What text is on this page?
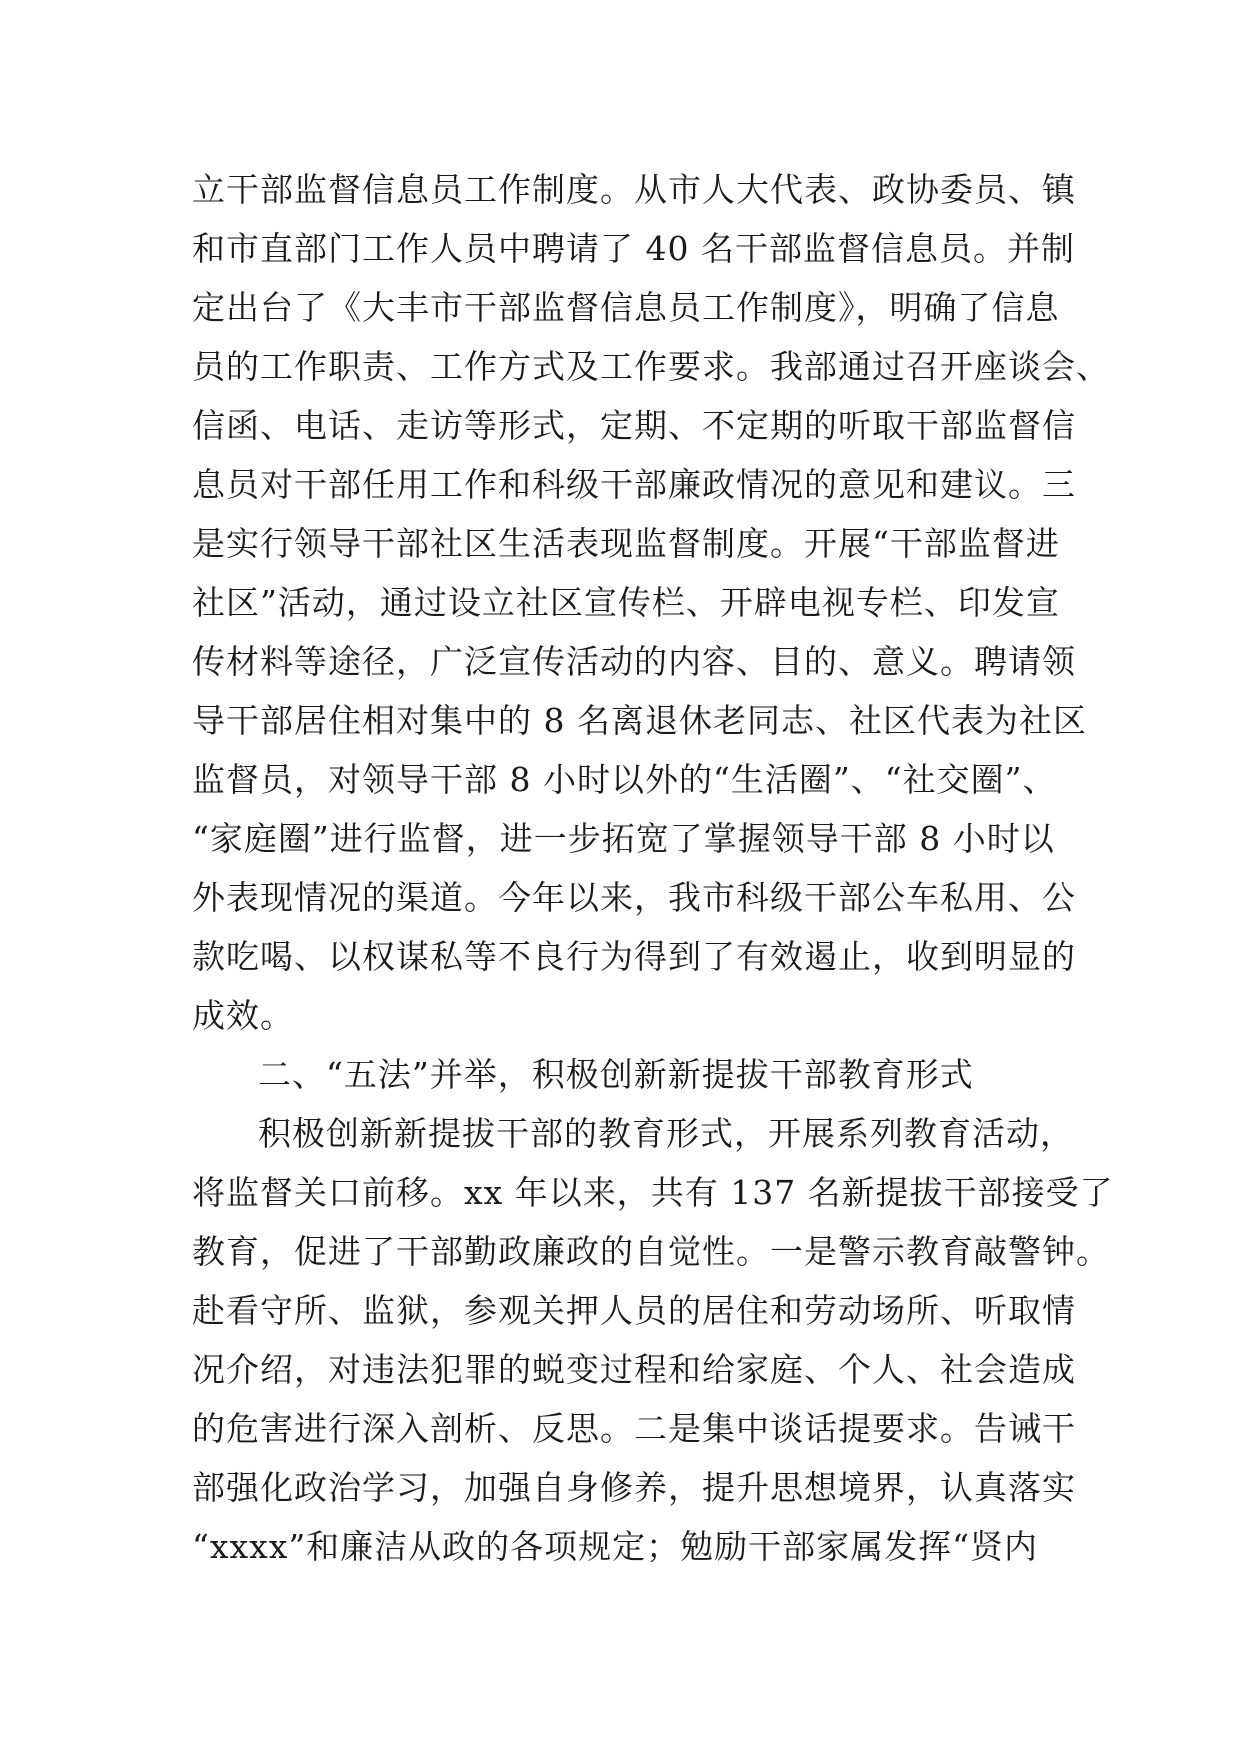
立干部监督信息员工作制度。从市人大代表、政协委员、镇
和市直部门工作人员中聘请了 40 名干部监督信息员。并制
定出台了《大丰市干部监督信息员工作制度》，明确了信息
员的工作职责、工作方式及工作要求。我部通过召开座谈会、
信函、电话、走访等形式，定期、不定期的听取干部监督信
息员对干部任用工作和科级干部廉政情况的意见和建议。三
是实行领导干部社区生活表现监督制度。开展“干部监督进
社区”活动，通过设立社区宣传栏、开辟电视专栏、印发宣
传材料等途径，广泛宣传活动的内容、目的、意义。聘请领
导干部居住相对集中的 8 名离退休老同志、社区代表为社区
监督员，对领导干部 8 小时以外的“生活圈”、“社交圈”、
“家庭圈”进行监督，进一步拓宽了掌握领导干部 8 小时以
外表现情况的渠道。今年以来，我市科级干部公车私用、公
款吃喝、以权谋私等不良行为得到了有效遏止，收到明显的
成效。
二、“五法”并举，积极创新新提拔干部教育形式
积极创新新提拔干部的教育形式，开展系列教育活动，
将监督关口前移。xx 年以来，共有 137 名新提拔干部接受了
教育，促进了干部勤政廉政的自觉性。一是警示教育敲警钟。
赴看守所、监狱，参观关押人员的居住和劳动场所、听取情
况介绍，对违法犯罪的蜕变过程和给家庭、个人、社会造成
的危害进行深入剖析、反思。二是集中谈话提要求。告诫干
部强化政治学习，加强自身修养，提升思想境界，认真落实
“xxxx”和廉洁从政的各项规定；勉励干部家属发挥“贤内
